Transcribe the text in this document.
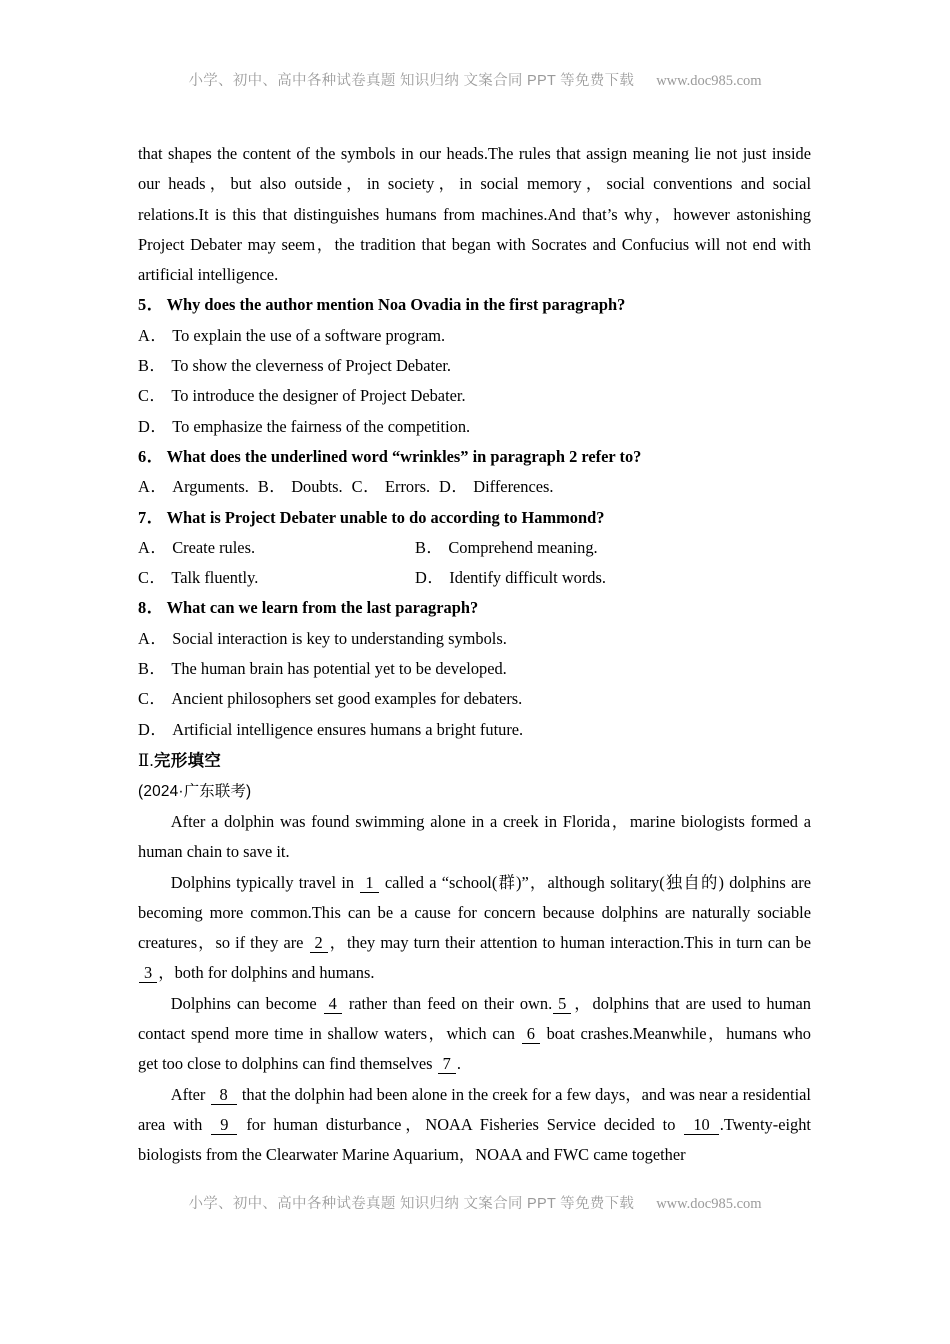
小学、初中、高中各种试卷真题 知识归纳 文案合同 PPT 等免费下载 www.doc985.com

that shapes the content of the symbols in our heads.The rules that assign meaning lie not just inside our heads，but also outside，in society，in social memory，social conventions and social relations.It is this that distinguishes humans from machines.And that’s why，however astonishing Project Debater may seem，the tradition that began with Socrates and Confucius will not end with artificial intelligence.

5． Why does the author mention Noa Ovadia in the first paragraph?

A． To explain the use of a software program.

B． To show the cleverness of Project Debater.

C． To introduce the designer of Project Debater.

D． To emphasize the fairness of the competition.

6． What does the underlined word “wrinkles” in paragraph 2 refer to?

A． Arguments. B． Doubts. C． Errors. D． Differences.

7． What is Project Debater unable to do according to Hammond?

A． Create rules.	B． Comprehend meaning.
C． Talk fluently.	D． Identify difficult words.

8． What can we learn from the last paragraph?

A． Social interaction is key to understanding symbols.

B． The human brain has potential yet to be developed.

C． Ancient philosophers set good examples for debaters.

D． Artificial intelligence ensures humans a bright future.

Ⅱ.完形填空

(2024·广东联考)

After a dolphin was found swimming alone in a creek in Florida，marine biologists formed a human chain to save it.

Dolphins typically travel in 1 called a “school(群)”，although solitary(独自的) dolphins are becoming more common.This can be a cause for concern because dolphins are naturally sociable creatures，so if they are 2 ，they may turn their attention to human interaction.This in turn can be 3 ，both for dolphins and humans.

Dolphins can become 4 rather than feed on their own. 5 ，dolphins that are used to human contact spend more time in shallow waters，which can 6 boat crashes.Meanwhile，humans who get too close to dolphins can find themselves 7 .

After 8 that the dolphin had been alone in the creek for a few days，and was near a residential area with 9 for human disturbance，NOAA Fisheries Service decided to 10 .Twenty-eight biologists from the Clearwater Marine Aquarium，NOAA and FWC came together

小学、初中、高中各种试卷真题 知识归纳 文案合同 PPT 等免费下载 www.doc985.com
